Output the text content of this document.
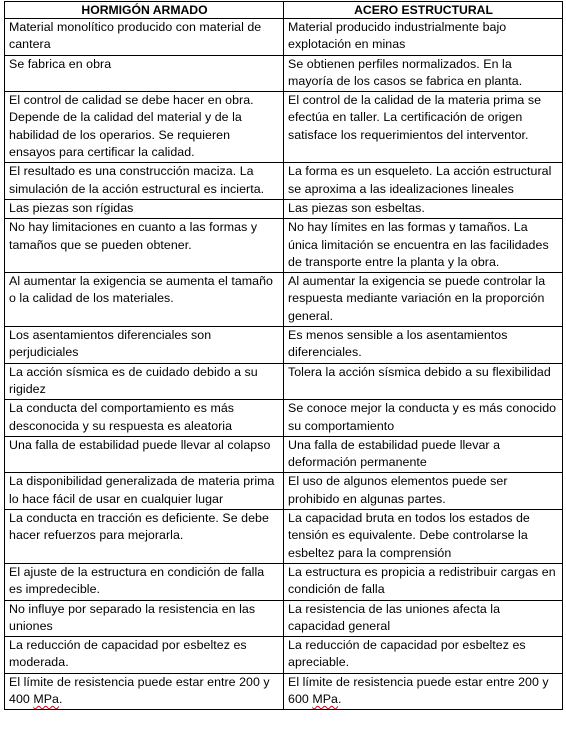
HORMIGÓN ARMADO	ACERO ESTRUCTURAL
Material monolítico producido con material de cantera	Material producido industrialmente bajo explotación en minas
Se fabrica en obra	Se obtienen perfiles normalizados. En la mayoría de los casos se fabrica en planta.
El control de calidad se debe hacer en obra. Depende de la calidad del material y de la habilidad de los operarios. Se requieren ensayos para certificar la calidad.	El control de la calidad de la materia prima se efectúa en taller. La certificación de origen satisface los requerimientos del interventor.
El resultado es una construcción maciza. La simulación de la acción estructural es incierta.	La forma es un esqueleto. La acción estructural se aproxima a las idealizaciones lineales
Las piezas son rígidas	Las piezas son esbeltas.
No hay limitaciones en cuanto a las formas y tamaños que se pueden obtener.	No hay límites en las formas y tamaños. La única limitación se encuentra en las facilidades de transporte entre la planta y la obra.
Al aumentar la exigencia se aumenta el tamaño o la calidad de los materiales.	Al aumentar la exigencia se puede controlar la respuesta mediante variación en la proporción general.
Los asentamientos diferenciales son perjudiciales	Es menos sensible a los asentamientos diferenciales.
La acción sísmica es de cuidado debido a su rigidez	Tolera la acción sísmica debido a su flexibilidad
La conducta del comportamiento es más desconocida y su respuesta es aleatoria	Se conoce mejor la conducta y es más conocido su comportamiento
Una falla de estabilidad puede llevar al colapso	Una falla de estabilidad puede llevar a deformación permanente
La disponibilidad generalizada de materia prima lo hace fácil de usar en cualquier lugar	El uso de algunos elementos puede ser prohibido en algunas partes.
La conducta en tracción es deficiente. Se debe hacer refuerzos para mejorarla.	La capacidad bruta en todos los estados de tensión es equivalente. Debe controlarse la esbeltez para la comprensión
El ajuste de la estructura en condición de falla es impredecible.	La estructura es propicia a redistribuir cargas en condición de falla
No influye por separado la resistencia en las uniones	La resistencia de las uniones afecta la capacidad general
La reducción de capacidad por esbeltez es moderada.	La reducción de capacidad por esbeltez es apreciable.
El límite de resistencia puede estar entre 200 y 400 MPa.	El límite de resistencia puede estar entre 200 y 600 MPa.
